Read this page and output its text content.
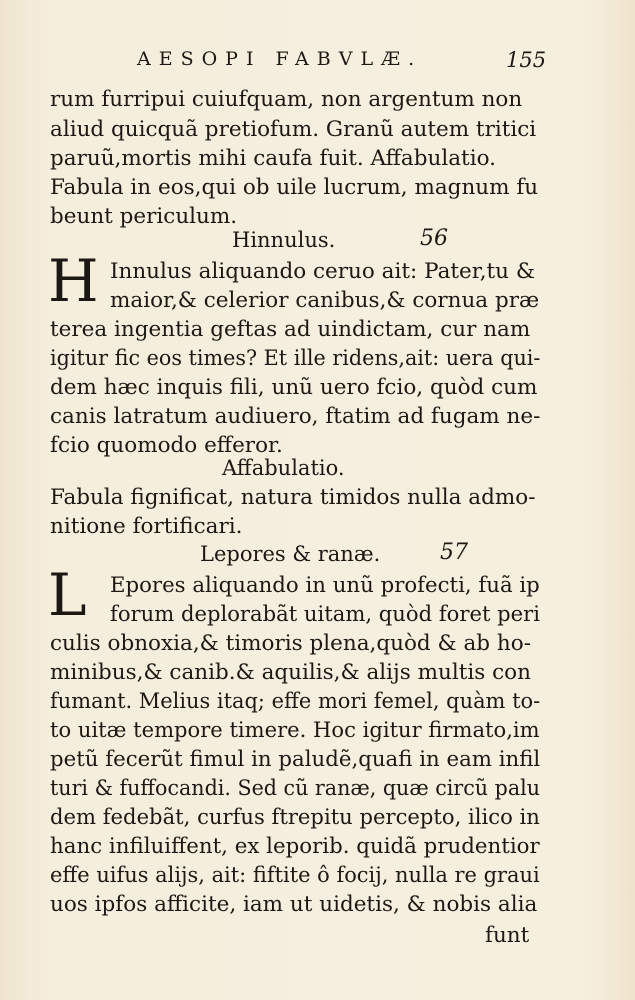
AESOPI FABVLÆ.	155
rum furripui cuiufquam, non argentum non
aliud quicquã pretiofum. Granũ autem tritici
paruũ,mortis mihi caufa fuit. Affabulatio.
Fabula in eos,qui ob uile lucrum, magnum fu
beunt periculum.
Hinnulus.	56
H Innulus aliquando ceruo ait: Pater,tu &
maior,& celerior canibus,& cornua præ
terea ingentia geftas ad uindictam, cur nam
igitur fic eos times? Et ille ridens,ait: uera qui-
dem hæc inquis fili, unũ uero fcio, quòd cum
canis latratum audiuero, ftatim ad fugam ne-
fcio quomodo efferor.
Affabulatio.
Fabula fignificat, natura timidos nulla admo-
nitione fortificari.
Lepores & ranæ.	57
L Epores aliquando in unũ profecti, fuã ip
forum deplorabãt uitam, quòd foret peri
culis obnoxia,& timoris plena,quòd & ab ho-
minibus,& canib.& aquilis,& alijs multis con
fumant. Melius itaq; effe mori femel, quàm to-
to uitæ tempore timere. Hoc igitur firmato,im
petũ fecerũt fimul in paludẽ,quafi in eam infil
turi & fuffocandi. Sed cũ ranæ, quæ circũ palu
dem fedebãt, curfus ftrepitu percepto, ilico in
hanc infiluiffent, ex leporib. quidã prudentior
effe uifus alijs, ait: fiftite ô focij, nulla re graui
uos ipfos afficite, iam ut uidetis, & nobis alia
funt
